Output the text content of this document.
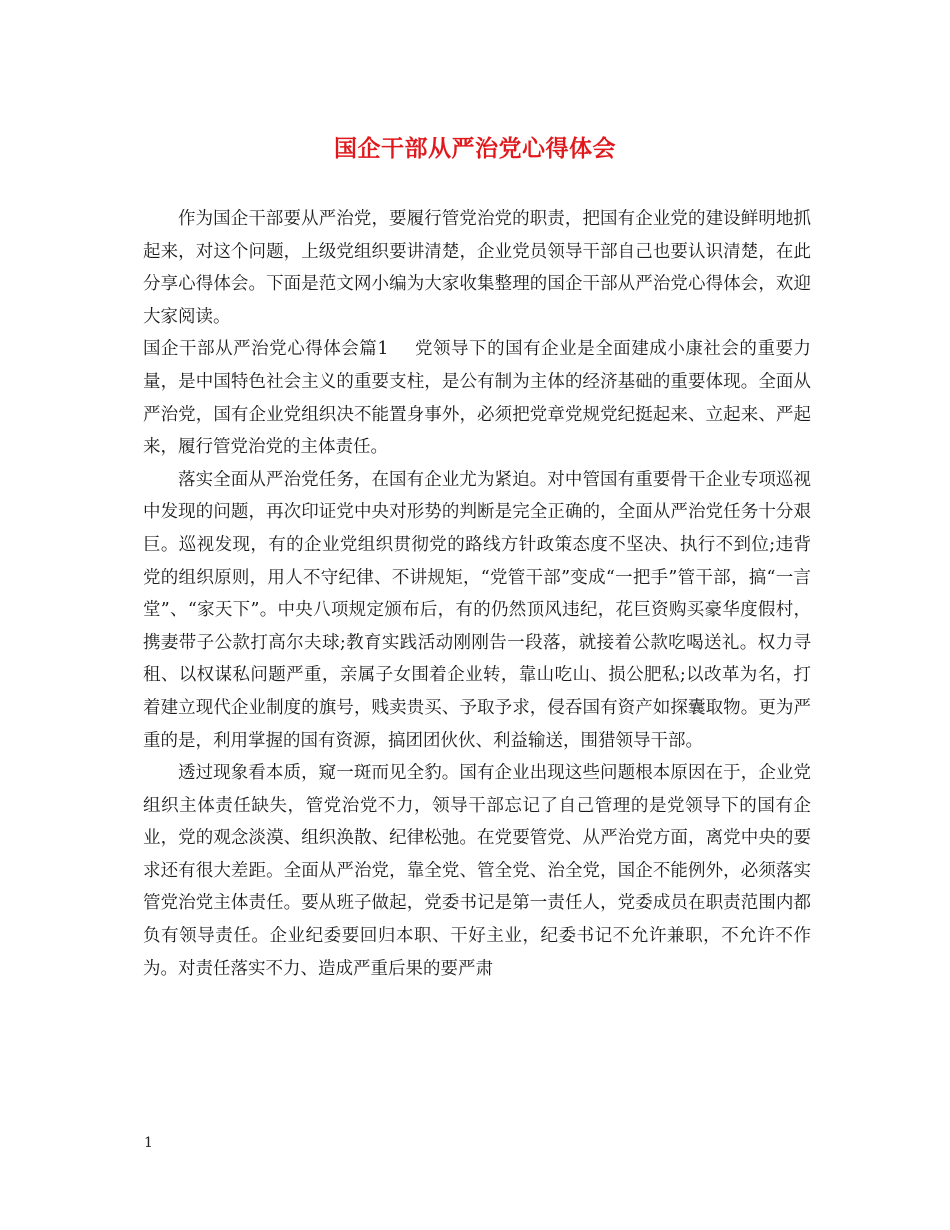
国企干部从严治党心得体会

作为国企干部要从严治党，要履行管党治党的职责，把国有企业党的建设鲜明地抓起来，对这个问题，上级党组织要讲清楚，企业党员领导干部自己也要认识清楚，在此分享心得体会。下面是范文网小编为大家收集整理的国企干部从严治党心得体会，欢迎大家阅读。

国企干部从严治党心得体会篇1 党领导下的国有企业是全面建成小康社会的重要力量，是中国特色社会主义的重要支柱，是公有制为主体的经济基础的重要体现。全面从严治党，国有企业党组织决不能置身事外，必须把党章党规党纪挺起来、立起来、严起来，履行管党治党的主体责任。

落实全面从严治党任务，在国有企业尤为紧迫。对中管国有重要骨干企业专项巡视中发现的问题，再次印证党中央对形势的判断是完全正确的，全面从严治党任务十分艰巨。巡视发现，有的企业党组织贯彻党的路线方针政策态度不坚决、执行不到位;违背党的组织原则，用人不守纪律、不讲规矩，“党管干部”变成“一把手”管干部，搞“一言堂”、“家天下”。中央八项规定颁布后，有的仍然顶风违纪，花巨资购买豪华度假村，携妻带子公款打高尔夫球;教育实践活动刚刚告一段落，就接着公款吃喝送礼。权力寻租、以权谋私问题严重，亲属子女围着企业转，靠山吃山、损公肥私;以改革为名，打着建立现代企业制度的旗号，贱卖贵买、予取予求，侵吞国有资产如探囊取物。更为严重的是，利用掌握的国有资源，搞团团伙伙、利益输送，围猎领导干部。

透过现象看本质，窥一斑而见全豹。国有企业出现这些问题根本原因在于，企业党组织主体责任缺失，管党治党不力，领导干部忘记了自己管理的是党领导下的国有企业，党的观念淡漠、组织涣散、纪律松弛。在党要管党、从严治党方面，离党中央的要求还有很大差距。全面从严治党，靠全党、管全党、治全党，国企不能例外，必须落实管党治党主体责任。要从班子做起，党委书记是第一责任人，党委成员在职责范围内都负有领导责任。企业纪委要回归本职、干好主业，纪委书记不允许兼职，不允许不作为。对责任落实不力、造成严重后果的要严肃

1
